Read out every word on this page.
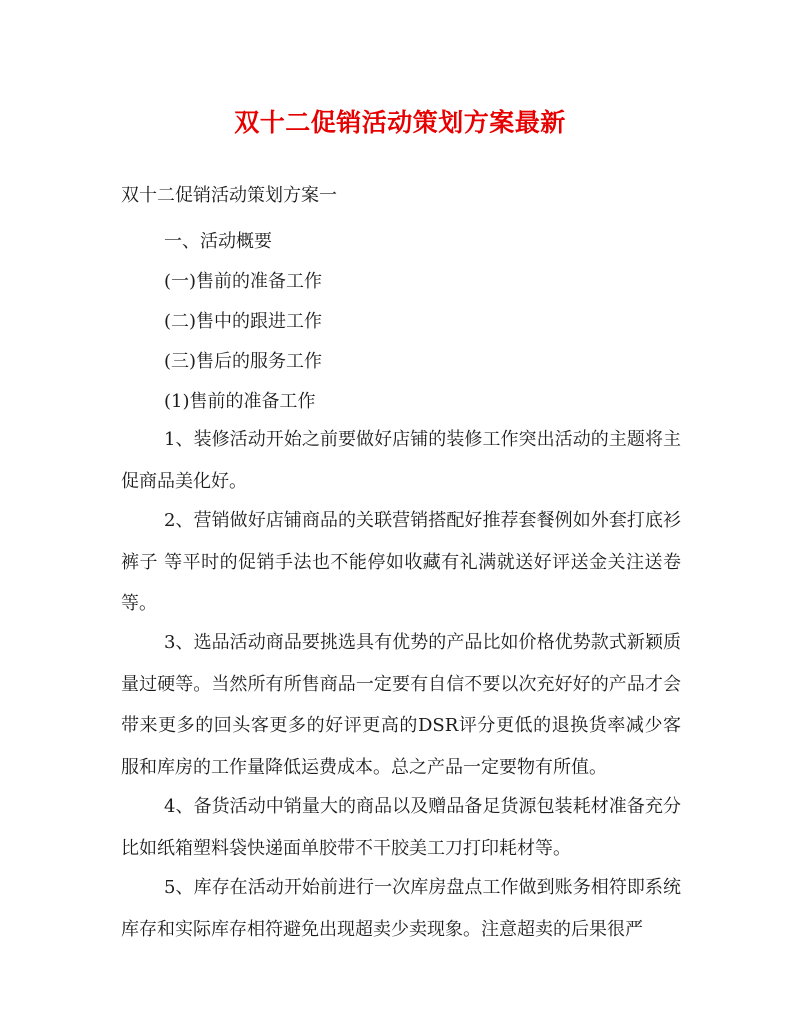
双十二促销活动策划方案最新

双十二促销活动策划方案一

一、活动概要

(一)售前的准备工作

(二)售中的跟进工作

(三)售后的服务工作

(1)售前的准备工作

1、装修活动开始之前要做好店铺的装修工作突出活动的主题将主促商品美化好。

2、营销做好店铺商品的关联营销搭配好推荐套餐例如外套打底衫裤子 等平时的促销手法也不能停如收藏有礼满就送好评送金关注送卷等。

3、选品活动商品要挑选具有优势的产品比如价格优势款式新颖质量过硬等。当然所有所售商品一定要有自信不要以次充好好的产品才会带来更多的回头客更多的好评更高的DSR评分更低的退换货率减少客服和库房的工作量降低运费成本。总之产品一定要物有所值。

4、备货活动中销量大的商品以及赠品备足货源包装耗材准备充分比如纸箱塑料袋快递面单胶带不干胶美工刀打印耗材等。

5、库存在活动开始前进行一次库房盘点工作做到账务相符即系统库存和实际库存相符避免出现超卖少卖现象。注意超卖的后果很严
